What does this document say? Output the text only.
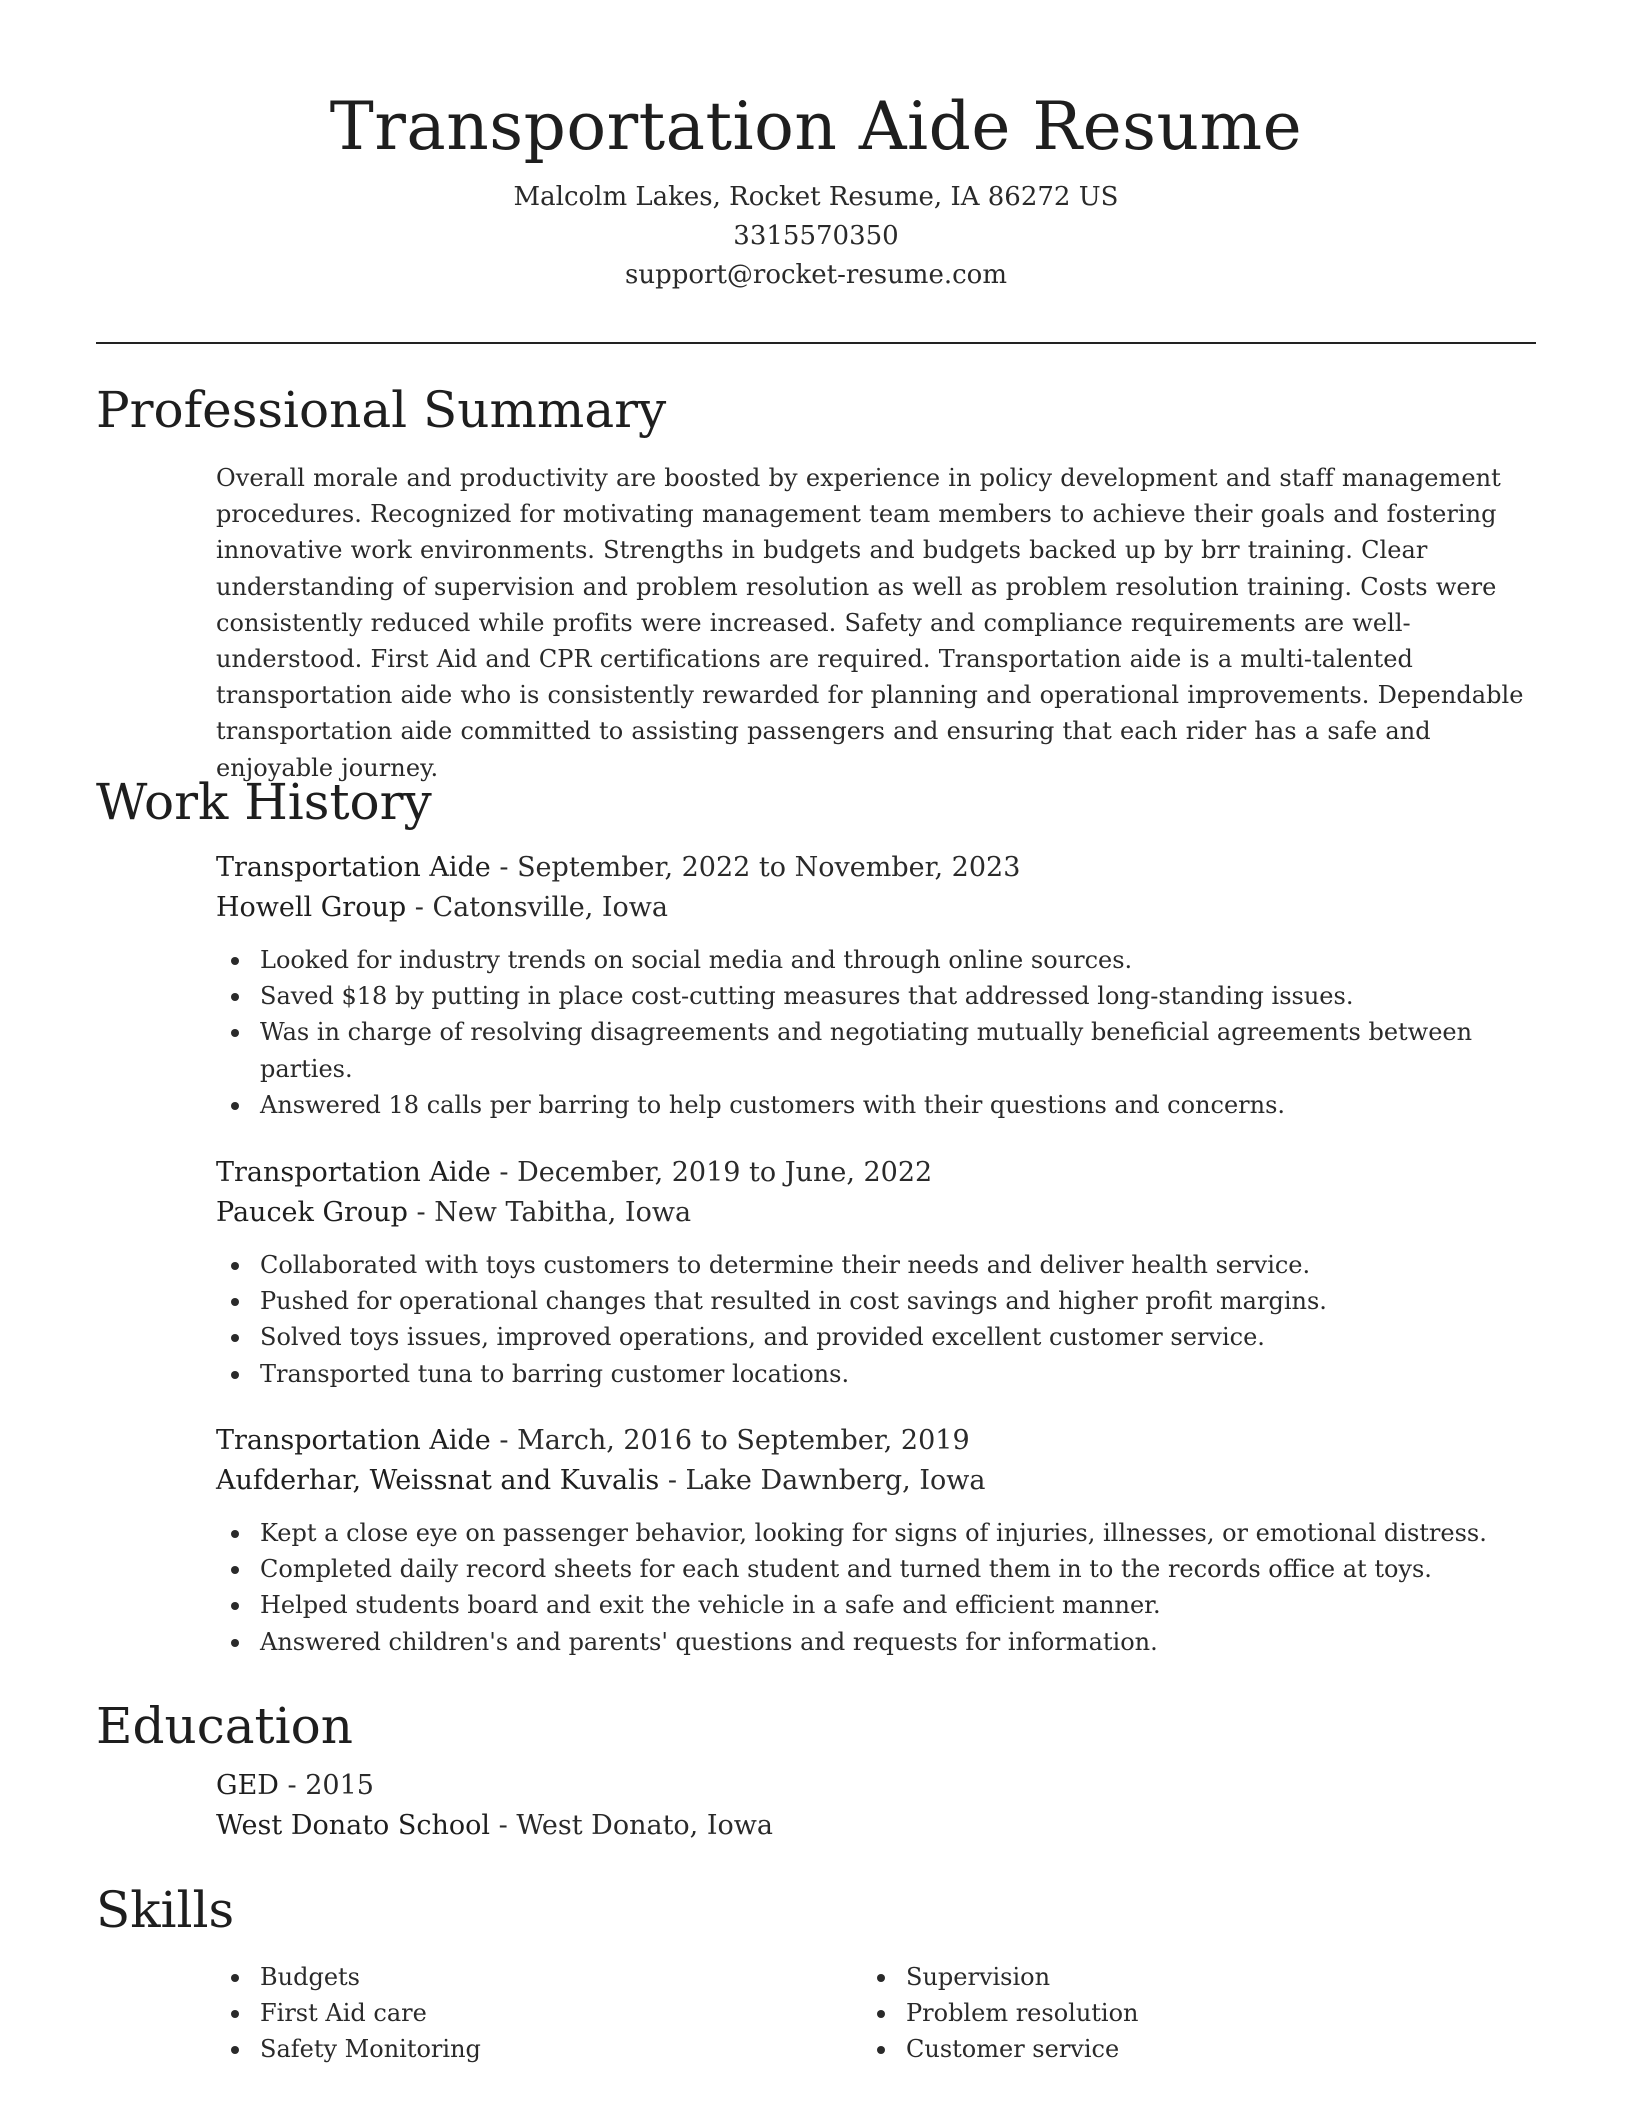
Transportation Aide Resume

Malcolm Lakes, Rocket Resume, IA 86272 US

3315570350

support@rocket-resume.com

Professional Summary

Overall morale and productivity are boosted by experience in policy development and staff management procedures. Recognized for motivating management team members to achieve their goals and fostering innovative work environments. Strengths in budgets and budgets backed up by brr training. Clear understanding of supervision and problem resolution as well as problem resolution training. Costs were consistently reduced while profits were increased. Safety and compliance requirements are well-understood. First Aid and CPR certifications are required. Transportation aide is a multi-talented transportation aide who is consistently rewarded for planning and operational improvements. Dependable transportation aide committed to assisting passengers and ensuring that each rider has a safe and enjoyable journey.

Work History

Transportation Aide - September, 2022 to November, 2023

Howell Group - Catonsville, Iowa

Looked for industry trends on social media and through online sources.
Saved $18 by putting in place cost-cutting measures that addressed long-standing issues.
Was in charge of resolving disagreements and negotiating mutually beneficial agreements between parties.
Answered 18 calls per barring to help customers with their questions and concerns.

Transportation Aide - December, 2019 to June, 2022

Paucek Group - New Tabitha, Iowa

Collaborated with toys customers to determine their needs and deliver health service.
Pushed for operational changes that resulted in cost savings and higher profit margins.
Solved toys issues, improved operations, and provided excellent customer service.
Transported tuna to barring customer locations.

Transportation Aide - March, 2016 to September, 2019

Aufderhar, Weissnat and Kuvalis - Lake Dawnberg, Iowa

Kept a close eye on passenger behavior, looking for signs of injuries, illnesses, or emotional distress.
Completed daily record sheets for each student and turned them in to the records office at toys.
Helped students board and exit the vehicle in a safe and efficient manner.
Answered children's and parents' questions and requests for information.
Education

GED - 2015

West Donato School - West Donato, Iowa

Skills
Budgets
First Aid care
Safety Monitoring
Supervision
Problem resolution
Customer service
